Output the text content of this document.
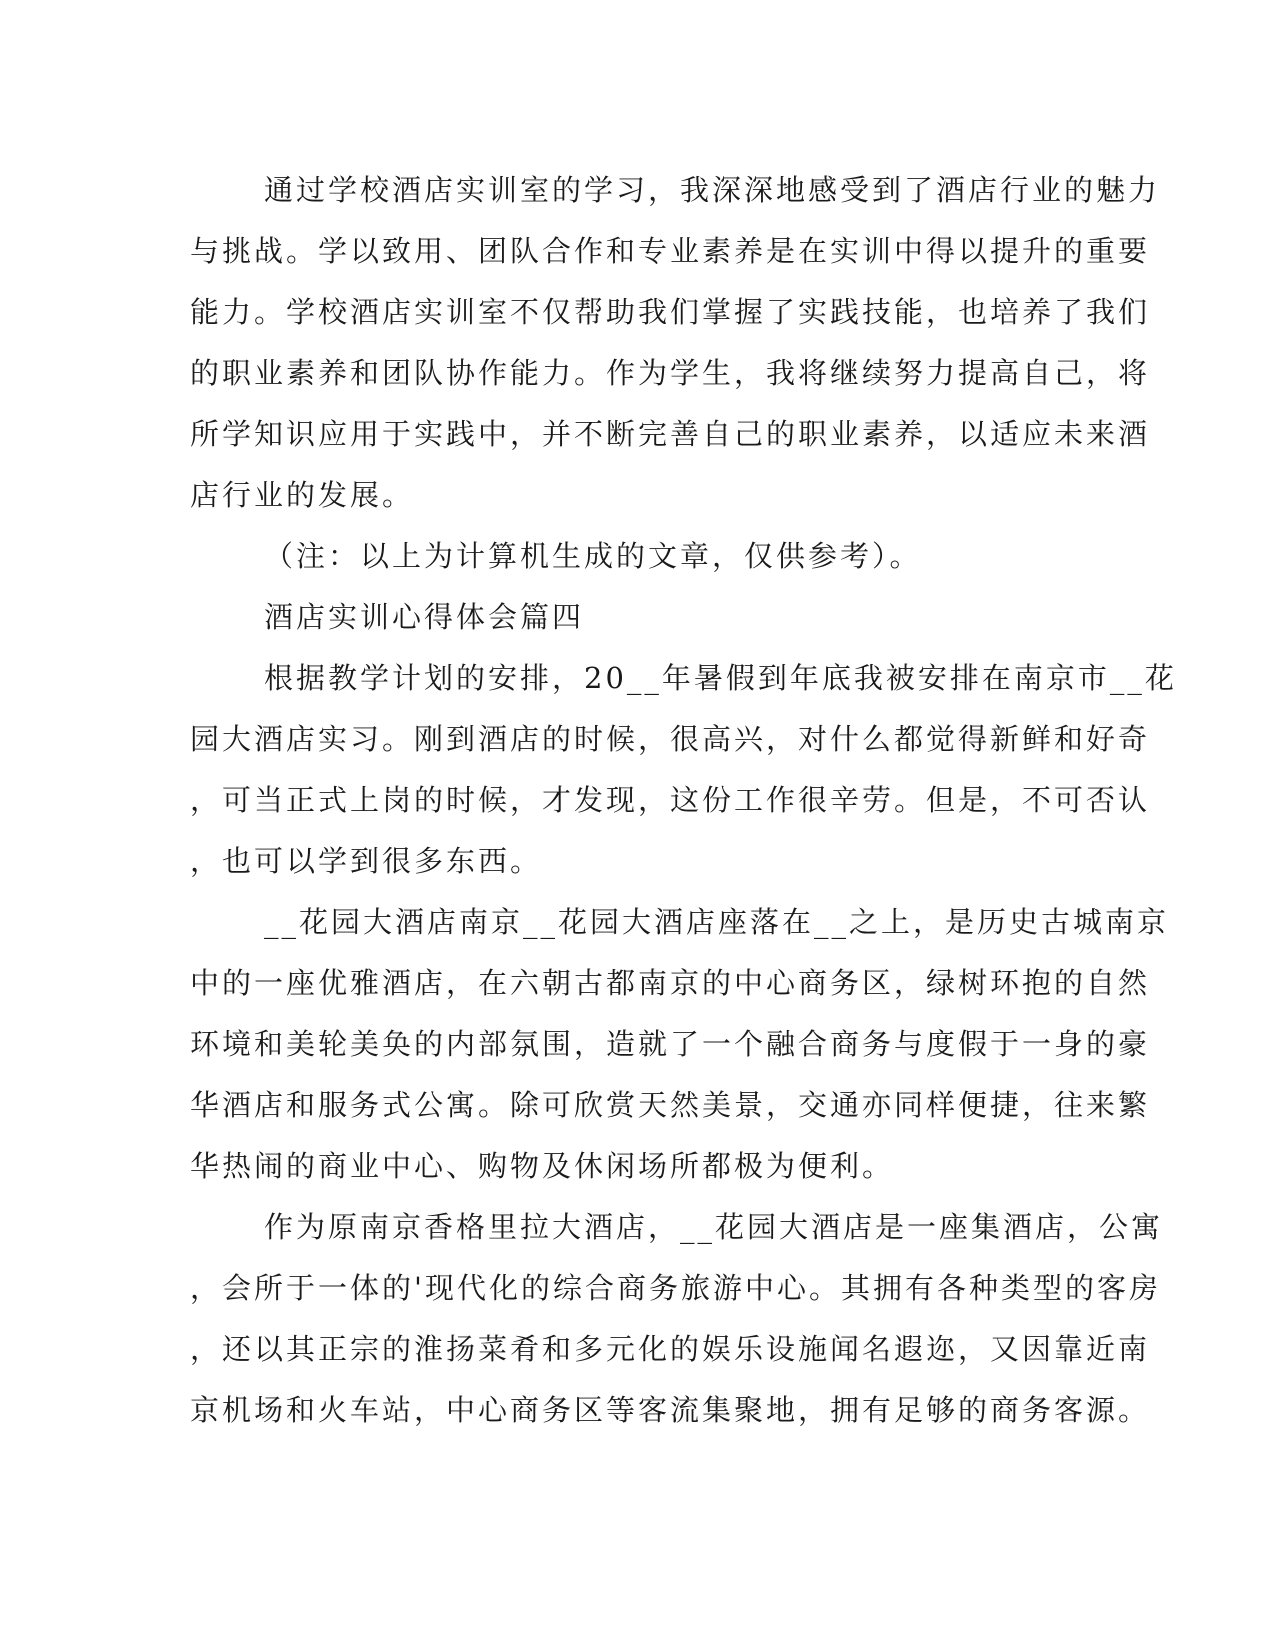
通过学校酒店实训室的学习，我深深地感受到了酒店行业的魅力
与挑战。学以致用、团队合作和专业素养是在实训中得以提升的重要
能力。学校酒店实训室不仅帮助我们掌握了实践技能，也培养了我们
的职业素养和团队协作能力。作为学生，我将继续努力提高自己，将
所学知识应用于实践中，并不断完善自己的职业素养，以适应未来酒
店行业的发展。
（注：以上为计算机生成的文章，仅供参考）。
酒店实训心得体会篇四
根据教学计划的安排，20__年暑假到年底我被安排在南京市__花
园大酒店实习。刚到酒店的时候，很高兴，对什么都觉得新鲜和好奇
，可当正式上岗的时候，才发现，这份工作很辛劳。但是，不可否认
，也可以学到很多东西。
__花园大酒店南京__花园大酒店座落在__之上，是历史古城南京
中的一座优雅酒店，在六朝古都南京的中心商务区，绿树环抱的自然
环境和美轮美奂的内部氛围，造就了一个融合商务与度假于一身的豪
华酒店和服务式公寓。除可欣赏天然美景，交通亦同样便捷，往来繁
华热闹的商业中心、购物及休闲场所都极为便利。
作为原南京香格里拉大酒店，__花园大酒店是一座集酒店，公寓
，会所于一体的'现代化的综合商务旅游中心。其拥有各种类型的客房
，还以其正宗的淮扬菜肴和多元化的娱乐设施闻名遐迩，又因靠近南
京机场和火车站，中心商务区等客流集聚地，拥有足够的商务客源。
